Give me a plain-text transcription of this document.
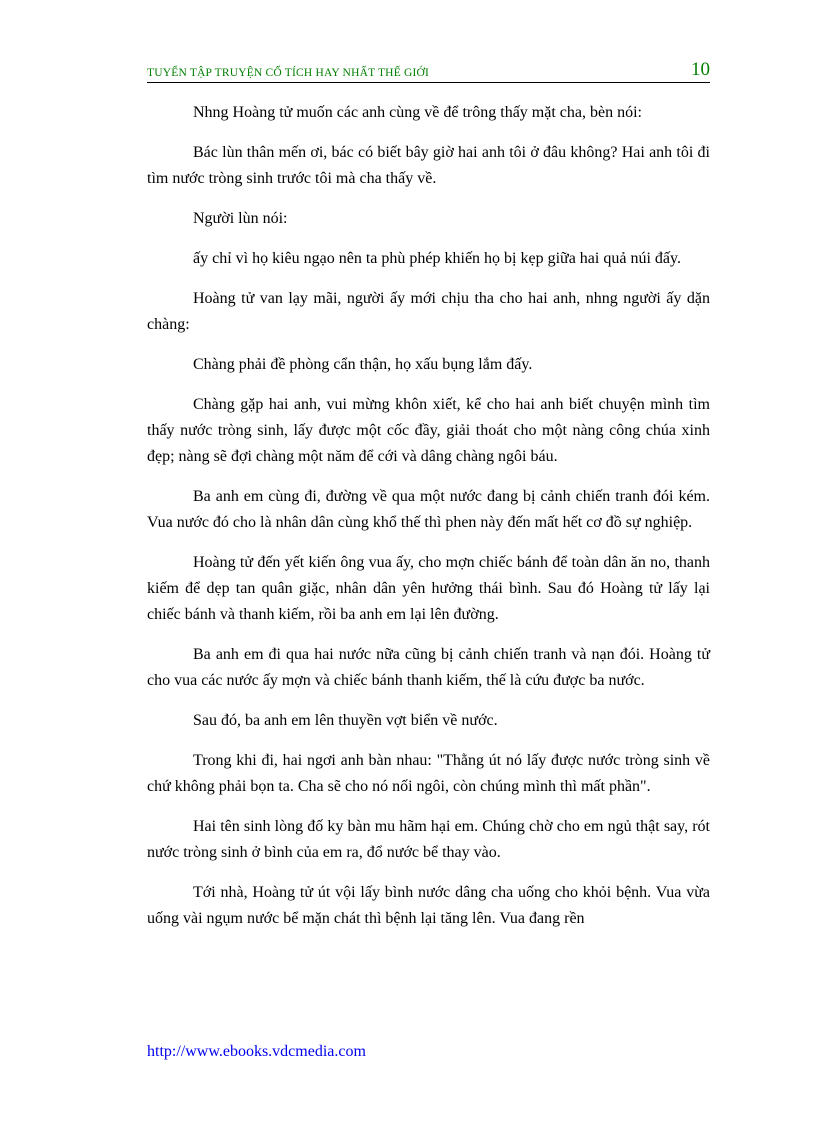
TUYỂN TẬP TRUYỆN CỔ TÍCH HAY NHẤT THẾ GIỚI	10

Nhng Hoàng tử muốn các anh cùng về để trông thấy mặt cha, bèn nói:

Bác lùn thân mến ơi, bác có biết bây giờ hai anh tôi ở đâu không? Hai anh tôi đi tìm nước tròng sinh trước tôi mà cha thấy về.

Người lùn nói:

ấy chỉ vì họ kiêu ngạo nên ta phù phép khiến họ bị kẹp giữa hai quả núi đấy.

Hoàng tử van lạy mãi, người ấy mới chịu tha cho hai anh, nhng người ấy dặn chàng:

Chàng phải đề phòng cẩn thận, họ xấu bụng lắm đấy.

Chàng gặp hai anh, vui mừng khôn xiết, kể cho hai anh biết chuyện mình tìm thấy nước tròng sinh, lấy được một cốc đầy, giải thoát cho một nàng công chúa xinh đẹp; nàng sẽ đợi chàng một năm để cới và dâng chàng ngôi báu.

Ba anh em cùng đi, đường về qua một nước đang bị cảnh chiến tranh đói kém. Vua nước đó cho là nhân dân cùng khổ thế thì phen này đến mất hết cơ đồ sự nghiệp.

Hoàng tử đến yết kiến ông vua ấy, cho mợn chiếc bánh để toàn dân ăn no, thanh kiếm để dẹp tan quân giặc, nhân dân yên hưởng thái bình. Sau đó Hoàng tử lấy lại chiếc bánh và thanh kiếm, rồi ba anh em lại lên đường.

Ba anh em đi qua hai nước nữa cũng bị cảnh chiến tranh và nạn đói. Hoàng tử cho vua các nước ấy mợn và chiếc bánh thanh kiếm, thế là cứu được ba nước.

Sau đó, ba anh em lên thuyền vợt biển về nước.

Trong khi đi, hai ngơi anh bàn nhau: "Thằng út nó lấy được nước tròng sinh về chứ không phải bọn ta. Cha sẽ cho nó nối ngôi, còn chúng mình thì mất phần".

Hai tên sinh lòng đố ky bàn mu hãm hại em. Chúng chờ cho em ngủ thật say, rót nước tròng sinh ở bình của em ra, đổ nước bể thay vào.

Tới nhà, Hoàng tử út vội lấy bình nước dâng cha uống cho khỏi bệnh. Vua vừa uống vài ngụm nước bể mặn chát thì bệnh lại tăng lên. Vua đang rền

http://www.ebooks.vdcmedia.com
